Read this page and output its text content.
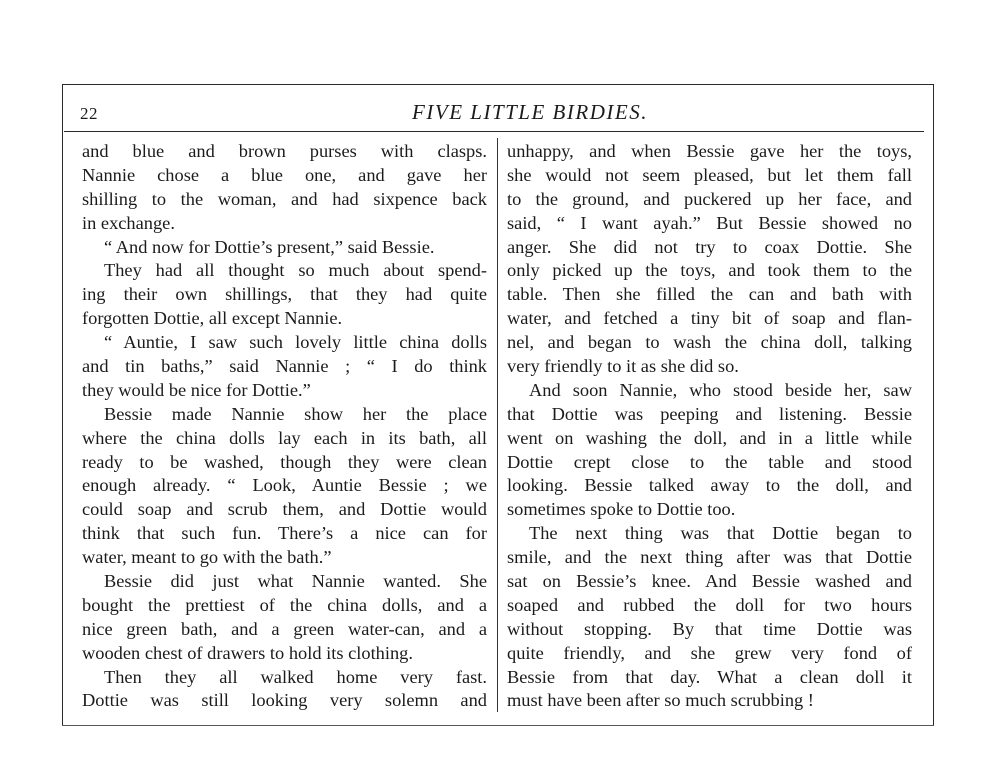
22	FIVE LITTLE BIRDIES.
and blue and brown purses with clasps.
Nannie chose a blue one, and gave her
shilling to the woman, and had sixpence back
in exchange.
“ And now for Dottie’s present,” said Bessie.
They had all thought so much about spend-
ing their own shillings, that they had quite
forgotten Dottie, all except Nannie.
“ Auntie, I saw such lovely little china dolls
and tin baths,” said Nannie ; “ I do think
they would be nice for Dottie.”
Bessie made Nannie show her the place
where the china dolls lay each in its bath, all
ready to be washed, though they were clean
enough already. “ Look, Auntie Bessie ; we
could soap and scrub them, and Dottie would
think that such fun. There’s a nice can for
water, meant to go with the bath.”
Bessie did just what Nannie wanted. She
bought the prettiest of the china dolls, and a
nice green bath, and a green water-can, and a
wooden chest of drawers to hold its clothing.
Then they all walked home very fast.
Dottie was still looking very solemn and
unhappy, and when Bessie gave her the toys,
she would not seem pleased, but let them fall
to the ground, and puckered up her face, and
said, “ I want ayah.” But Bessie showed no
anger. She did not try to coax Dottie. She
only picked up the toys, and took them to the
table. Then she filled the can and bath with
water, and fetched a tiny bit of soap and flan-
nel, and began to wash the china doll, talking
very friendly to it as she did so.
And soon Nannie, who stood beside her, saw
that Dottie was peeping and listening. Bessie
went on washing the doll, and in a little while
Dottie crept close to the table and stood
looking. Bessie talked away to the doll, and
sometimes spoke to Dottie too.
The next thing was that Dottie began to
smile, and the next thing after was that Dottie
sat on Bessie’s knee. And Bessie washed and
soaped and rubbed the doll for two hours
without stopping. By that time Dottie was
quite friendly, and she grew very fond of
Bessie from that day. What a clean doll it
must have been after so much scrubbing !
